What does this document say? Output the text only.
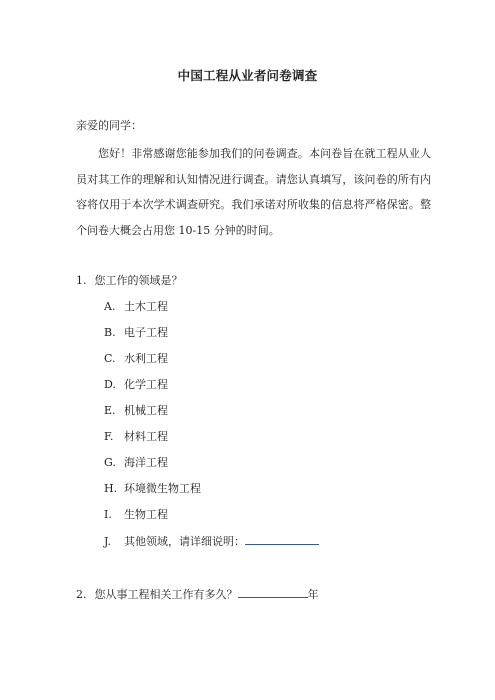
中国工程从业者问卷调查
亲爱的同学：
您好！非常感谢您能参加我们的问卷调查。本问卷旨在就工程从业人员对其工作的理解和认知情况进行调查。请您认真填写，该问卷的所有内容将仅用于本次学术调查研究。我们承诺对所收集的信息将严格保密。整个问卷大概会占用您 10-15 分钟的时间。
1. 您工作的领域是？
A. 土木工程
B. 电子工程
C. 水利工程
D. 化学工程
E. 机械工程
F. 材料工程
G. 海洋工程
H. 环境微生物工程
I. 生物工程
J. 其他领域，请详细说明：
2. 您从事工程相关工作有多久？	年
